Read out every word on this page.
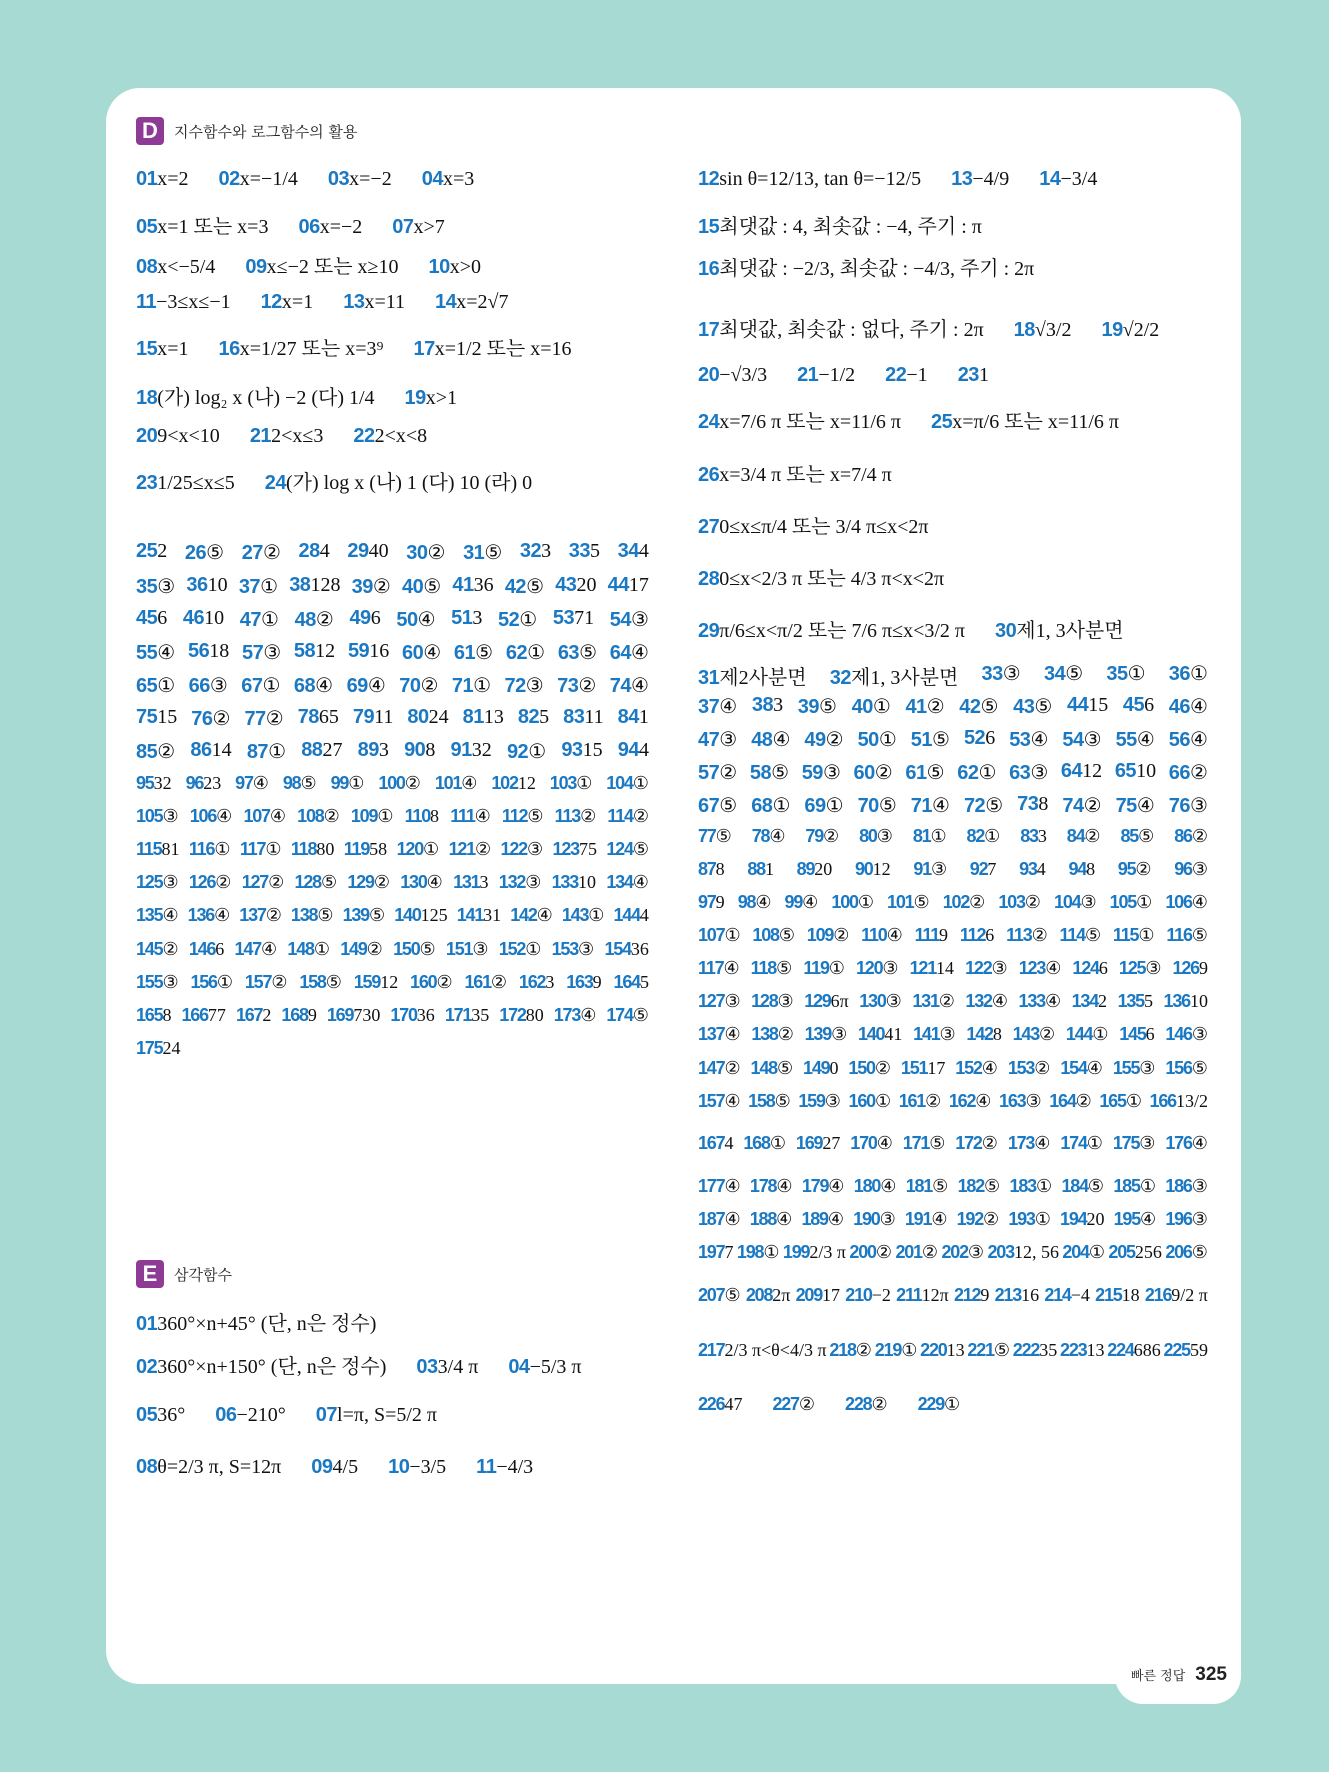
D	지수함수와 로그함수의 활용
01x=2 02x=−1/4 03x=−2 04x=3
05x=1 또는 x=3 06x=−2 07x>7
08x<−5/4 09x≤−2 또는 x≥10 10x>0
11−3≤x≤−1 12x=1 13x=11 14x=2√7
15x=1 16x=1/27 또는 x=3⁹ 17x=1/2 또는 x=16
18(가) log₂ x (나) −2 (다) 1/4 19x>1
209<x<10 212<x≤3 222<x<8
231/25≤x≤5 24(가) log x (나) 1 (다) 10 (라) 0
252 26⑤ 27② 284 2940 30② 31⑤ 323 335 344
35③ 3610 37① 38128 39② 40⑤ 4136 42⑤ 4320 4417
456 4610 47① 48② 496 50④ 513 52① 5371 54③
55④ 5618 57③ 5812 5916 60④ 61⑤ 62① 63⑤ 64④
65① 66③ 67① 68④ 69④ 70② 71① 72③ 73② 74④
7515 76② 77② 7865 7911 8024 8113 825 8311 841
85② 8614 87① 8827 893 908 9132 92① 9315 944
9532 9623 97④ 98⑤ 99① 100② 101④ 10212 103① 104①
105③ 106④ 107④ 108② 109① 1108 111④ 112⑤ 113② 114②
11581 116① 117① 11880 11958 120① 121② 122③ 12375 124⑤
125③ 126② 127② 128⑤ 129② 130④ 1313 132③ 13310 134④
135④ 136④ 137② 138⑤ 139⑤ 140125 14131 142④ 143① 1444
145② 1466 147④ 148① 149② 150⑤ 151③ 152① 153③ 15436
155③ 156① 157② 158⑤ 15912 160② 161② 1623 1639 1645
1658 16677 1672 1689 169730 17036 17135 17280 173④ 174⑤
17524
E	삼각함수
01360°×n+45° (단, n은 정수)
02360°×n+150° (단, n은 정수) 033/4 π 04−5/3 π
0536° 06−210° 07l=π, S=5/2 π
08θ=2/3 π, S=12π 094/5 10−3/5 11−4/3
12sin θ=12/13, tan θ=−12/5 13−4/9 14−3/4
15최댓값 : 4, 최솟값 : −4, 주기 : π
16최댓값 : −2/3, 최솟값 : −4/3, 주기 : 2π
17최댓값, 최솟값 : 없다, 주기 : 2π 18√3/2 19√2/2
20−√3/3 21−1/2 22−1 231
24x=7/6 π 또는 x=11/6 π 25x=π/6 또는 x=11/6 π
26x=3/4 π 또는 x=7/4 π
270≤x≤π/4 또는 3/4 π≤x<2π
280≤x<2/3 π 또는 4/3 π<x<2π
29π/6≤x<π/2 또는 7/6 π≤x<3/2 π 30제1, 3사분면
31제2사분면 32제1, 3사분면 33③ 34⑤ 35① 36①
37④ 383 39⑤ 40① 41② 42⑤ 43⑤ 4415 456 46④
47③ 48④ 49② 50① 51⑤ 526 53④ 54③ 55④ 56④
57② 58⑤ 59③ 60② 61⑤ 62① 63③ 6412 6510 66②
67⑤ 68① 69① 70⑤ 71④ 72⑤ 738 74② 75④ 76③
77⑤ 78④ 79② 80③ 81① 82① 833 84② 85⑤ 86②
878 881 8920 9012 91③ 927 934 948 95② 96③
979 98④ 99④ 100① 101⑤ 102② 103② 104③ 105① 106④
107① 108⑤ 109② 110④ 1119 1126 113② 114⑤ 115① 116⑤
117④ 118⑤ 119① 120③ 12114 122③ 123④ 1246 125③ 1269
127③ 128③ 1296π 130③ 131② 132④ 133④ 1342 1355 13610
137④ 138② 139③ 14041 141③ 1428 143② 144① 1456 146③
147② 148⑤ 1490 150② 15117 152④ 153② 154④ 155③ 156⑤
157④ 158⑤ 159③ 160① 161② 162④ 163③ 164② 165① 16613/2
1674 168① 16927 170④ 171⑤ 172② 173④ 174① 175③ 176④
177④ 178④ 179④ 180④ 181⑤ 182⑤ 183① 184⑤ 185① 186③
187④ 188④ 189④ 190③ 191④ 192② 193① 19420 195④ 196③
1977 198① 1992/3 π 200② 201② 202③ 20312, 56 204① 205256 206⑤
207⑤ 2082π 20917 210−2 21112π 2129 21316 214−4 21518 2169/2 π
2172/3 π<θ<4/3 π 218② 219① 22013 221⑤ 22235 22313 224686 22559
22647 227② 228② 229①
빠른 정답 325
